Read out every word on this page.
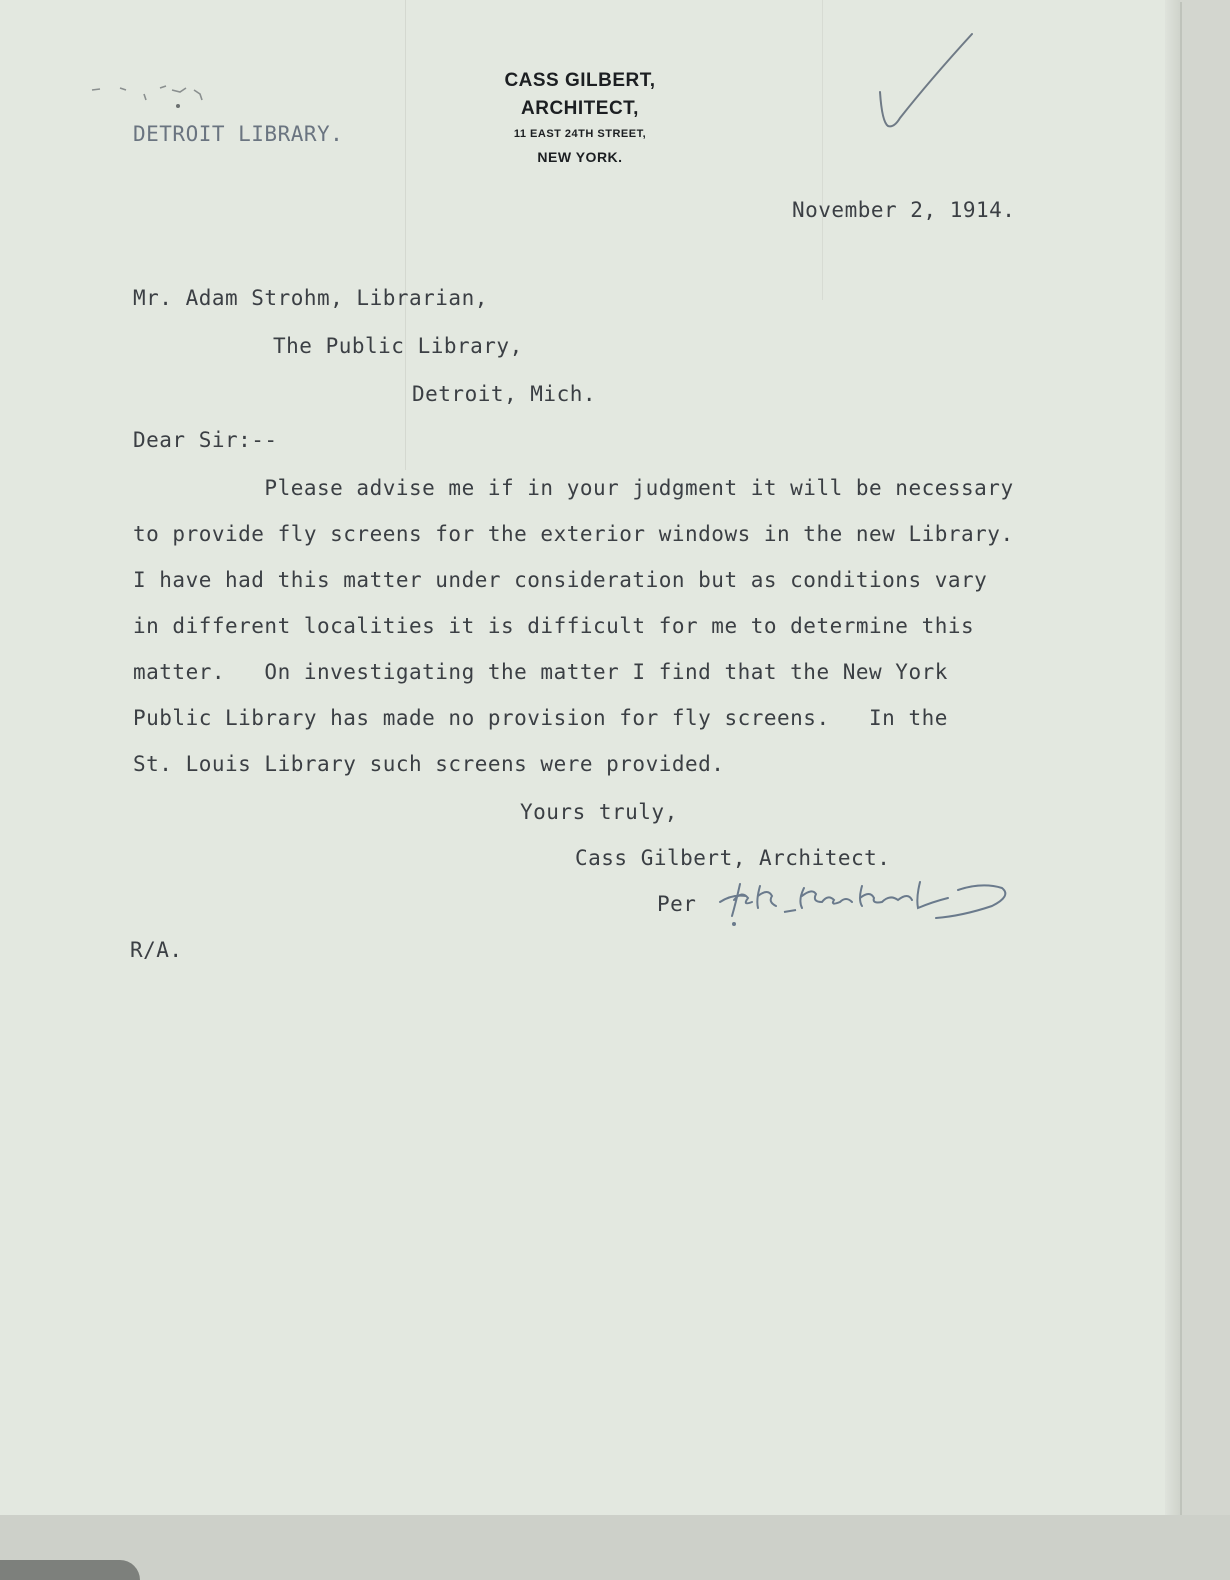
CASS GILBERT,
ARCHITECT,
11 EAST 24TH STREET,
NEW YORK.
DETROIT LIBRARY.
November 2, 1914.
Mr. Adam Strohm, Librarian,
The Public Library,
Detroit, Mich.
Dear Sir:--
Please advise me if in your judgment it will be necessary
to provide fly screens for the exterior windows in the new Library.
I have had this matter under consideration but as conditions vary
in different localities it is difficult for me to determine this
matter.   On investigating the matter I find that the New York
Public Library has made no provision for fly screens.   In the
St. Louis Library such screens were provided.
Yours truly,
Cass Gilbert, Architect.
Per
R/A.
